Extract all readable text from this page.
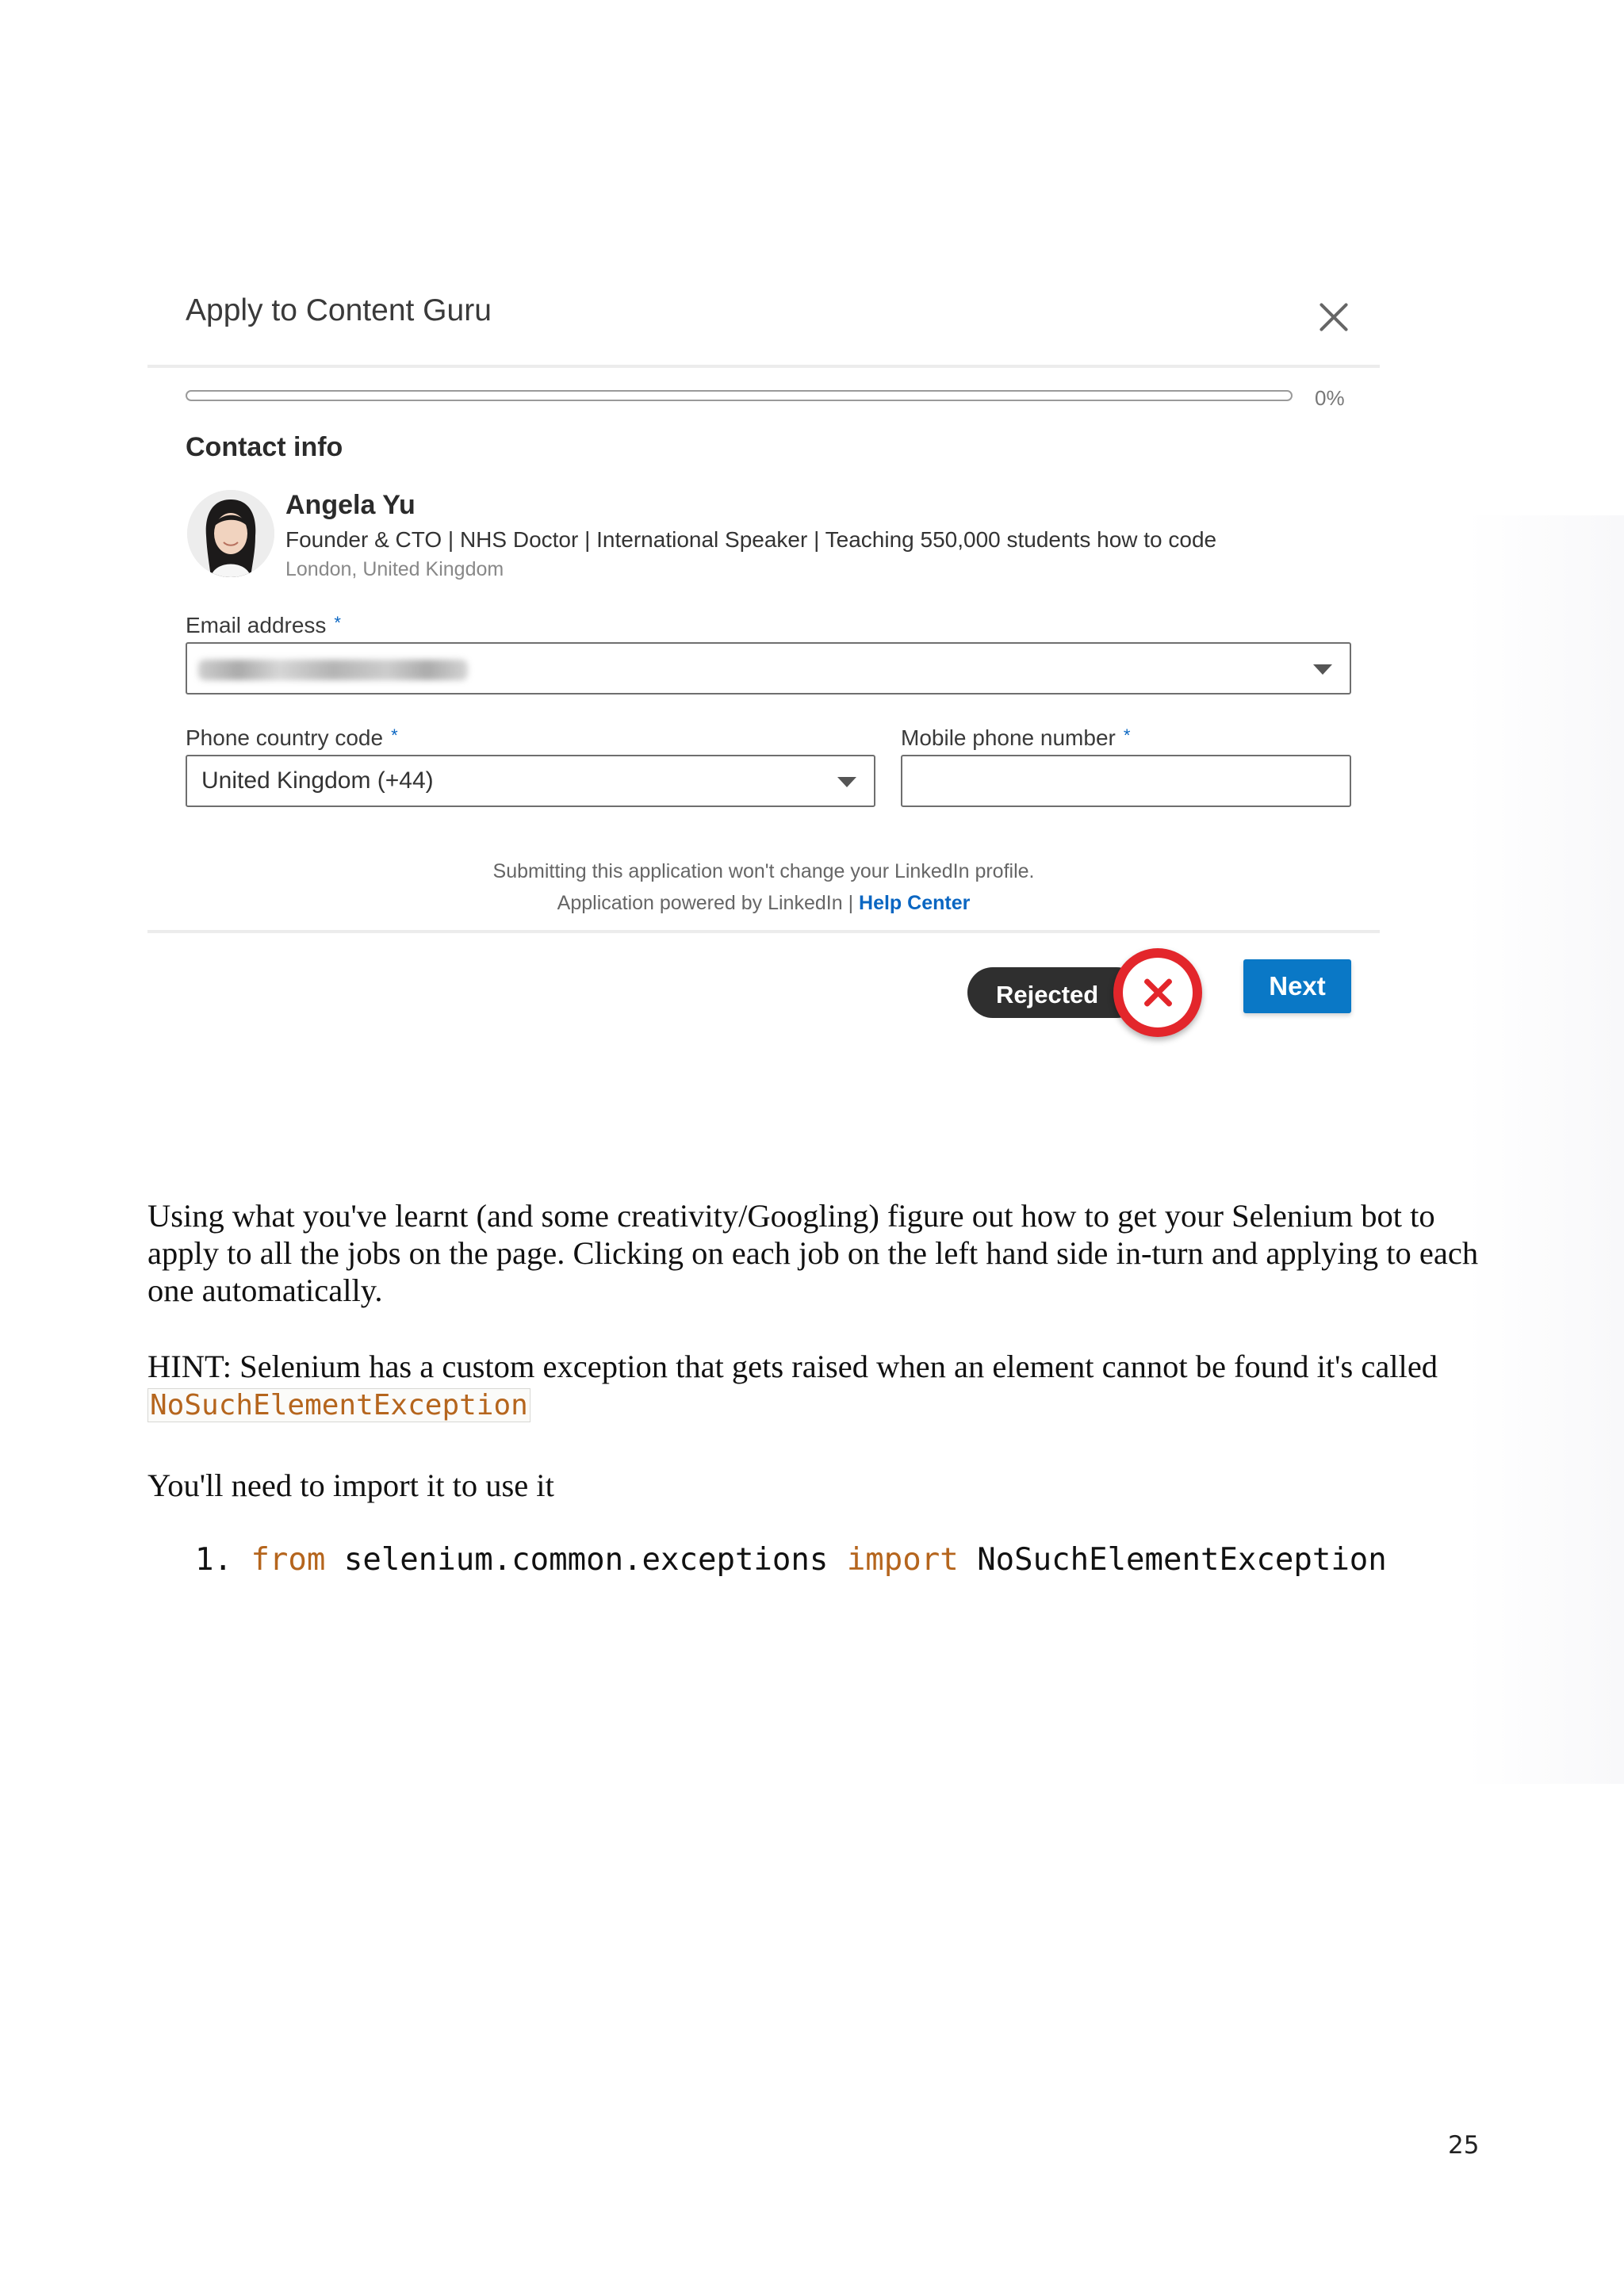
Apply to Content Guru
0%
Contact info
Angela Yu
Founder & CTO | NHS Doctor | International Speaker | Teaching 550,000 students how to code
London, United Kingdom
Email address *
Phone country code *
United Kingdom (+44)
Mobile phone number *
Submitting this application won't change your LinkedIn profile.
Application powered by LinkedIn | Help Center
Rejected	Next

Using what you've learnt (and some creativity/Googling) figure out how to get your Selenium bot to apply to all the jobs on the page. Clicking on each job on the left hand side in-turn and applying to each one automatically.

HINT: Selenium has a custom exception that gets raised when an element cannot be found it's called NoSuchElementException

You'll need to import it to use it

1. from selenium.common.exceptions import NoSuchElementException
25
